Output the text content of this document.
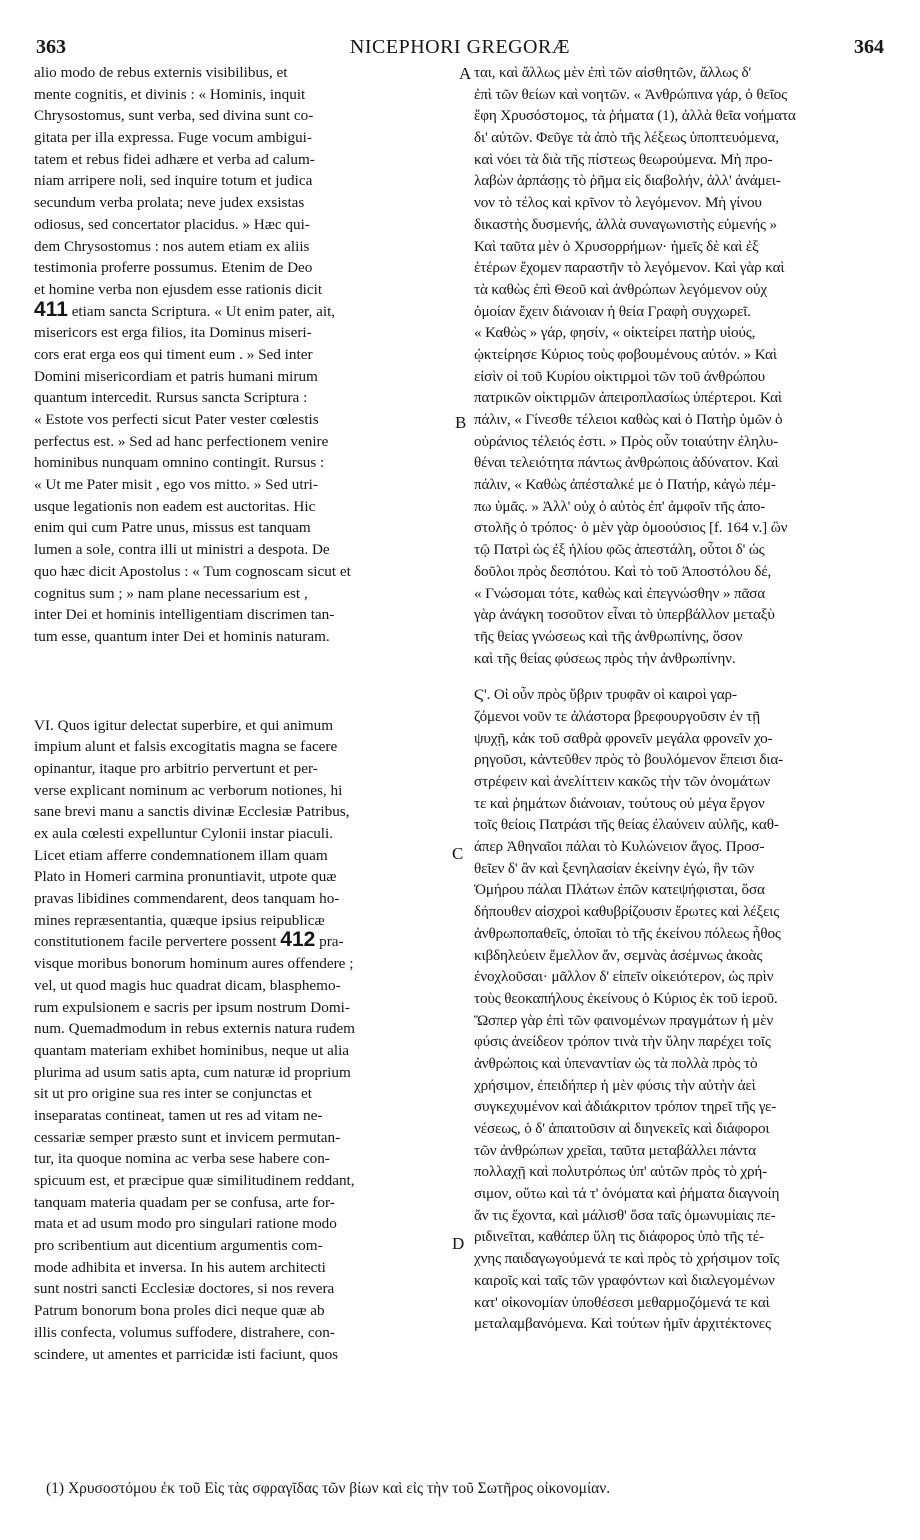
363	NICEPHORI GREGORÆ	364
A
B
C
D
alio modo de rebus externis visibilibus, et
mente cognitis, et divinis : « Hominis, inquit
Chrysostomus, sunt verba, sed divina sunt co-
gitata per illa expressa. Fuge vocum ambigui-
tatem et rebus fidei adhære et verba ad calum-
niam arripere noli, sed inquire totum et judica
secundum verba prolata; neve judex exsistas
odiosus, sed concertator placidus. » Hæc qui-
dem Chrysostomus : nos autem etiam ex aliis
testimonia proferre possumus. Etenim de Deo
et homine verba non ejusdem esse rationis dicit
411 etiam sancta Scriptura. « Ut enim pater, ait,
misericors est erga filios, ita Dominus miseri-
cors erat erga eos qui timent eum . » Sed inter
Domini misericordiam et patris humani mirum
quantum intercedit. Rursus sancta Scriptura :
« Estote vos perfecti sicut Pater vester cœlestis
perfectus est. » Sed ad hanc perfectionem venire
hominibus nunquam omnino contingit. Rursus :
« Ut me Pater misit , ego vos mitto. » Sed utri-
usque legationis non eadem est auctoritas. Hic
enim qui cum Patre unus, missus est tanquam
lumen a sole, contra illi ut ministri a despota. De
quo hæc dicit Apostolus : « Tum cognoscam sicut et
cognitus sum ; » nam plane necessarium est ,
inter Dei et hominis intelligentiam discrimen tan-
tum esse, quantum inter Dei et hominis naturam.
VI. Quos igitur delectat superbire, et qui animum
impium alunt et falsis excogitatis magna se facere
opinantur, itaque pro arbitrio pervertunt et per-
verse explicant nominum ac verborum notiones, hi
sane brevi manu a sanctis divinæ Ecclesiæ Patribus,
ex aula cœlesti expelluntur Cylonii instar piaculi.
Licet etiam afferre condemnationem illam quam
Plato in Homeri carmina pronuntiavit, utpote quæ
pravas libidines commendarent, deos tanquam ho-
mines repræsentantia, quæque ipsius reipublicæ
constitutionem facile pervertere possent 412 pra-
visque moribus bonorum hominum aures offendere ;
vel, ut quod magis huc quadrat dicam, blasphemo-
rum expulsionem e sacris per ipsum nostrum Domi-
num. Quemadmodum in rebus externis natura rudem
quantam materiam exhibet hominibus, neque ut alia
plurima ad usum satis apta, cum naturæ id proprium
sit ut pro origine sua res inter se conjunctas et
inseparatas contineat, tamen ut res ad vitam ne-
cessariæ semper præsto sunt et invicem permutan-
tur, ita quoque nomina ac verba sese habere con-
spicuum est, et præcipue quæ similitudinem reddant,
tanquam materia quadam per se confusa, arte for-
mata et ad usum modo pro singulari ratione modo
pro scribentium aut dicentium argumentis com-
mode adhibita et inversa. In his autem architecti
sunt nostri sancti Ecclesiæ doctores, si nos revera
Patrum bonorum bona proles dici neque quæ ab
illis confecta, volumus suffodere, distrahere, con-
scindere, ut amentes et parricidæ isti faciunt, quos
ται, καὶ ἄλλως μὲν ἐπὶ τῶν αἰσθητῶν, ἄλλως δ'
ἐπὶ τῶν θείων καὶ νοητῶν. « Ἀνθρώπινα γάρ, ὁ θεῖος
ἔφη Χρυσόστομος, τὰ ῥήματα (1), ἀλλὰ θεῖα νοήματα
δι' αὐτῶν. Φεῦγε τὰ ἀπὸ τῆς λέξεως ὑποπτευόμενα,
καὶ νόει τὰ διὰ τῆς πίστεως θεωρούμενα. Μὴ προ-
λαβὼν ἁρπάσῃς τὸ ῥῆμα εἰς διαβολήν, ἀλλ' ἀνάμει-
νον τὸ τέλος καὶ κρῖνον τὸ λεγόμενον. Μὴ γίνου
δικαστὴς δυσμενής, ἀλλὰ συναγωνιστὴς εὐμενής »
Καὶ ταῦτα μὲν ὁ Χρυσορρήμων· ἡμεῖς δὲ καὶ ἐξ
ἑτέρων ἔχομεν παραστῆν τὸ λεγόμενον. Καὶ γὰρ καὶ
τὰ καθὼς ἐπὶ Θεοῦ καὶ ἀνθρώπων λεγόμενον οὐχ
ὁμοίαν ἔχειν διάνοιαν ἡ θεία Γραφὴ συγχωρεῖ.
« Καθὼς » γάρ, φησίν, « οἰκτείρει πατὴρ υἱούς,
ᾠκτείρησε Κύριος τοὺς φοβουμένους αὐτόν. » Καὶ
εἰσὶν οἱ τοῦ Κυρίου οἰκτιρμοὶ τῶν τοῦ ἀνθρώπου
πατρικῶν οἰκτιρμῶν ἀπειροπλασίως ὑπέρτεροι. Καὶ
πάλιν, « Γίνεσθε τέλειοι καθὼς καὶ ὁ Πατὴρ ὑμῶν ὁ
οὐράνιος τέλειός ἐστι. » Πρὸς οὖν τοιαύτην ἐληλυ-
θέναι τελειότητα πάντως ἀνθρώποις ἀδύνατον. Καὶ
πάλιν, « Καθὼς ἀπέσταλκέ με ὁ Πατήρ, κἀγὼ πέμ-
πω ὑμᾶς. » Ἀλλ' οὐχ ὁ αὐτὸς ἐπ' ἀμφοῖν τῆς ἀπο-
στολῆς ὁ τρόπος· ὁ μὲν γὰρ ὁμοούσιος [f. 164 v.] ὢν
τῷ Πατρὶ ὡς ἐξ ἡλίου φῶς ἀπεστάλη, οὗτοι δ' ὡς
δοῦλοι πρὸς δεσπότου. Καὶ τὸ τοῦ Ἀποστόλου δέ,
« Γνώσομαι τότε, καθὼς καὶ ἐπεγνώσθην » πᾶσα
γὰρ ἀνάγκη τοσοῦτον εἶναι τὸ ὑπερβάλλον μεταξὺ
τῆς θείας γνώσεως καὶ τῆς ἀνθρωπίνης, ὅσον
καὶ τῆς θείας φύσεως πρὸς τὴν ἀνθρωπίνην.
Ϛ'. Οἱ οὖν πρὸς ὕβριν τρυφᾶν οἱ καιροὶ γαρ-
ζόμενοι νοῦν τε ἀλάστορα βρεφουργοῦσιν ἐν τῇ
ψυχῇ, κἀκ τοῦ σαθρὰ φρονεῖν μεγάλα φρονεῖν χο-
ρηγοῦσι, κἀντεῦθεν πρὸς τὸ βουλόμενον ἔπεισι δια-
στρέφειν καὶ ἀνελίττειν κακῶς τὴν τῶν ὀνομάτων
τε καὶ ῥημάτων διάνοιαν, τούτους οὐ μέγα ἔργον
τοῖς θείοις Πατράσι τῆς θείας ἐλαύνειν αὐλῆς, καθ-
άπερ Ἀθηναῖοι πάλαι τὸ Κυλώνειον ἄγος. Προσ-
θεῖεν δ' ἂν καὶ ξενηλασίαν ἐκείνην ἐγώ, ἣν τῶν
Ὁμήρου πάλαι Πλάτων ἐπῶν κατεψήφισται, ὅσα
δήπουθεν αἰσχροὶ καθυβρίζουσιν ἔρωτες καὶ λέξεις
ἀνθρωποπαθεῖς, ὁποῖαι τὸ τῆς ἐκείνου πόλεως ἦθος
κιβδηλεύειν ἔμελλον ἄν, σεμνὰς ἀσέμνως ἀκοὰς
ἐνοχλοῦσαι· μᾶλλον δ' εἰπεῖν οἰκειότερον, ὡς πρὶν
τοὺς θεοκαπήλους ἐκείνους ὁ Κύριος ἐκ τοῦ ἱεροῦ.
Ὥσπερ γὰρ ἐπὶ τῶν φαινομένων πραγμάτων ἡ μὲν
φύσις ἀνείδεον τρόπον τινὰ τὴν ὕλην παρέχει τοῖς
ἀνθρώποις καὶ ὑπεναντίαν ὡς τὰ πολλὰ πρὸς τὸ
χρήσιμον, ἐπειδήπερ ἡ μὲν φύσις τὴν αὐτὴν ἀεὶ
συγκεχυμένον καὶ ἀδιάκριτον τρόπον τηρεῖ τῆς γε-
νέσεως, ὁ δ' ἀπαιτοῦσιν αἱ διηνεκεῖς καὶ διάφοροι
τῶν ἀνθρώπων χρεῖαι, ταῦτα μεταβάλλει πάντα
πολλαχῇ καὶ πολυτρόπως ὑπ' αὐτῶν πρὸς τὸ χρή-
σιμον, οὕτω καὶ τά τ' ὀνόματα καὶ ῥήματα διαγνοίη
ἄν τις ἔχοντα, καὶ μάλισθ' ὅσα ταῖς ὁμωνυμίαις πε-
ριδινεῖται, καθάπερ ὕλη τις διάφορος ὑπὸ τῆς τέ-
χνης παιδαγωγούμενά τε καὶ πρὸς τὸ χρήσιμον τοῖς
καιροῖς καὶ ταῖς τῶν γραφόντων καὶ διαλεγομένων
κατ' οἰκονομίαν ὑποθέσεσι μεθαρμοζόμενά τε καὶ
μεταλαμβανόμενα. Καὶ τούτων ἡμῖν ἀρχιτέκτονες
(1) Χρυσοστόμου ἐκ τοῦ Εἰς τὰς σφραγῖδας τῶν βίων καὶ εἰς τὴν τοῦ Σωτῆρος οἰκονομίαν.
